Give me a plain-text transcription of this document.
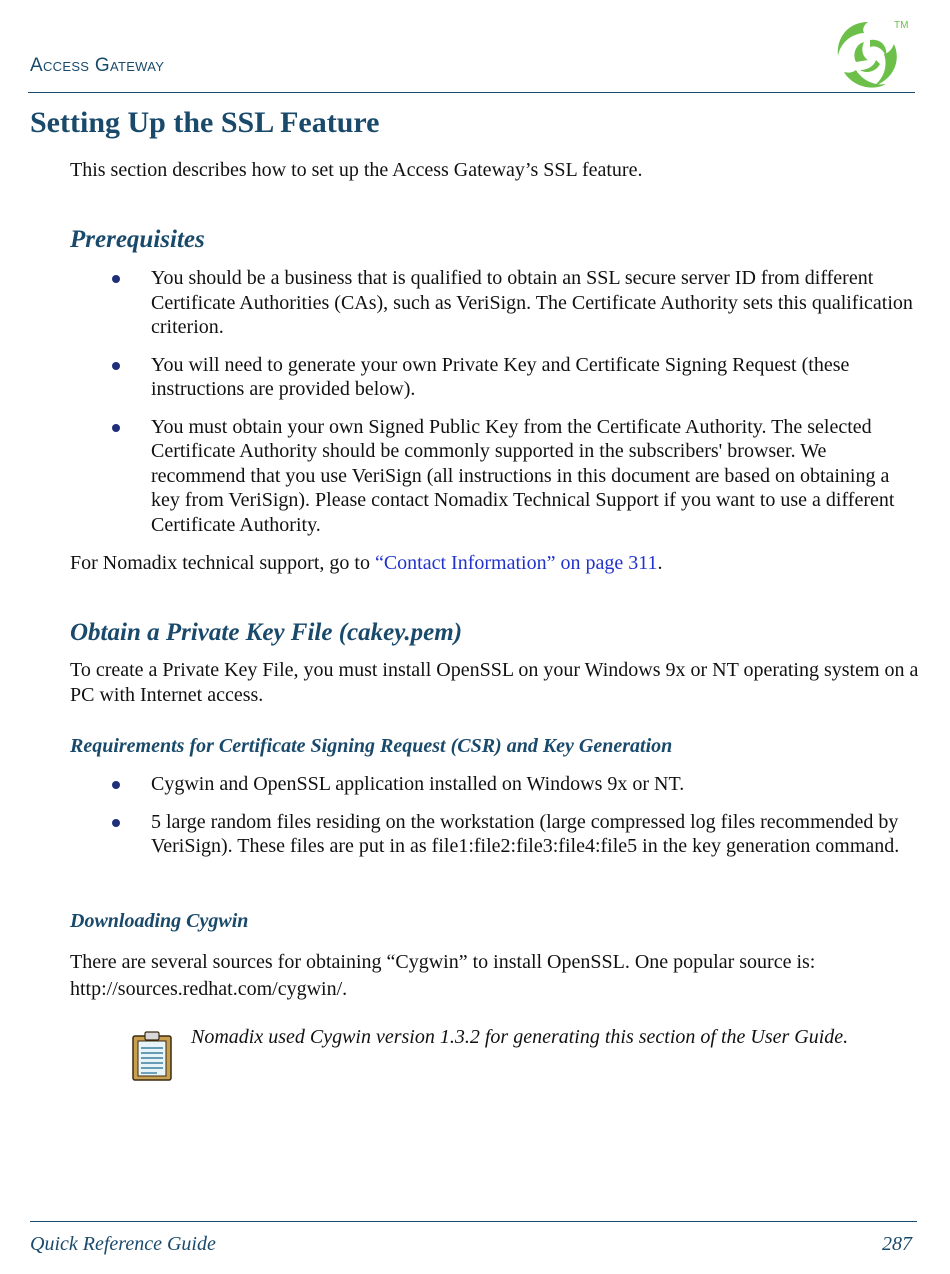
Access Gateway
TM
Setting Up the SSL Feature

This section describes how to set up the Access Gateway’s SSL feature.

Prerequisites
You should be a business that is qualified to obtain an SSL secure server ID from different Certificate Authorities (CAs), such as VeriSign. The Certificate Authority sets this qualification criterion.
You will need to generate your own Private Key and Certificate Signing Request (these instructions are provided below).
You must obtain your own Signed Public Key from the Certificate Authority. The selected Certificate Authority should be commonly supported in the subscribers' browser. We recommend that you use VeriSign (all instructions in this document are based on obtaining a key from VeriSign). Please contact Nomadix Technical Support if you want to use a different Certificate Authority.

For Nomadix technical support, go to “Contact Information” on page 311.

Obtain a Private Key File (cakey.pem)

To create a Private Key File, you must install OpenSSL on your Windows 9x or NT operating system on a PC with Internet access.

Requirements for Certificate Signing Request (CSR) and Key Generation
Cygwin and OpenSSL application installed on Windows 9x or NT.
5 large random files residing on the workstation (large compressed log files recommended by VeriSign). These files are put in as file1:file2:file3:file4:file5 in the key generation command.
Downloading Cygwin

There are several sources for obtaining “Cygwin” to install OpenSSL. One popular source is: http://sources.redhat.com/cygwin/.

Nomadix used Cygwin version 1.3.2 for generating this section of the User Guide.

Quick Reference Guide	287
